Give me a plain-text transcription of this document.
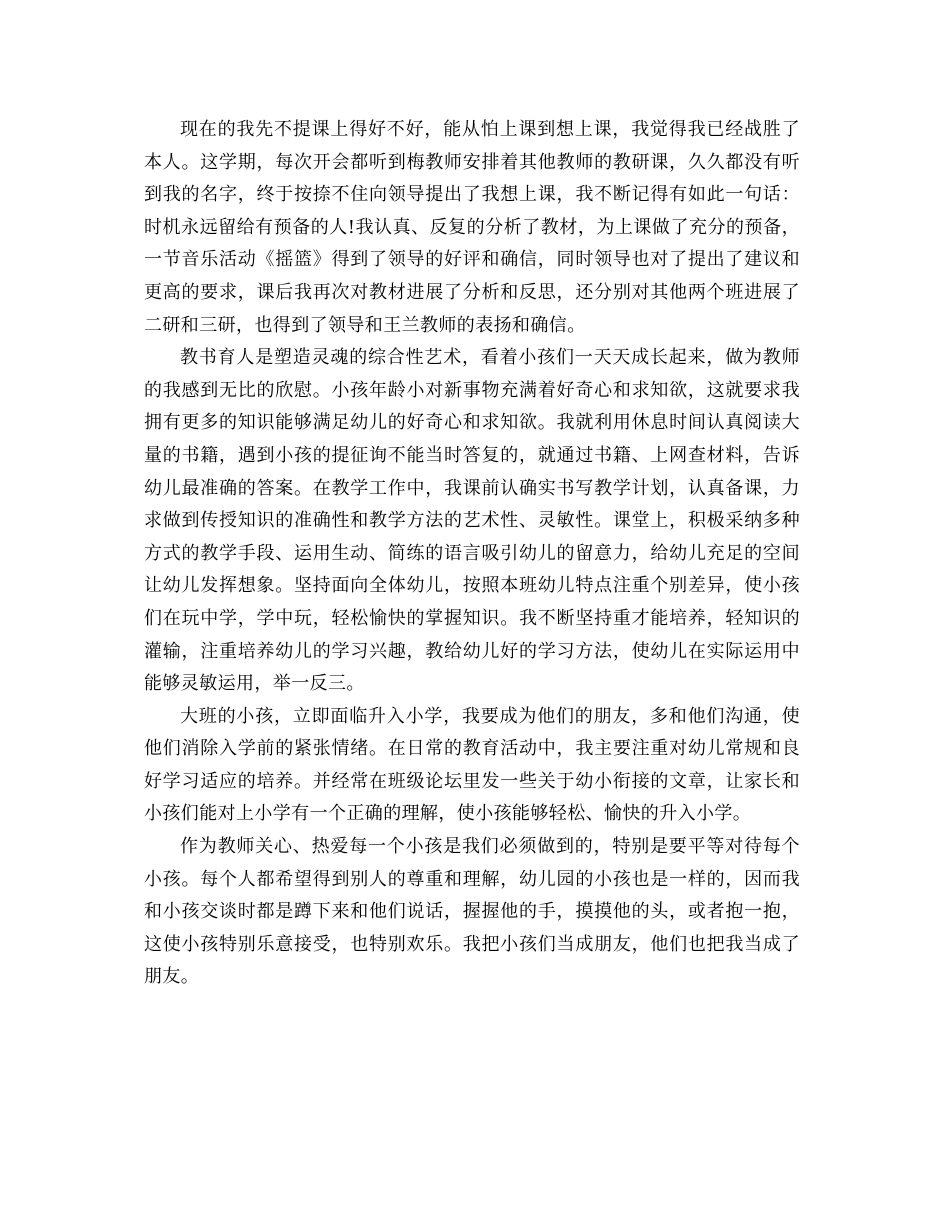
现在的我先不提课上得好不好，能从怕上课到想上课，我觉得我已经战胜了本人。这学期，每次开会都听到梅教师安排着其他教师的教研课，久久都没有听到我的名字，终于按捺不住向领导提出了我想上课，我不断记得有如此一句话：时机永远留给有预备的人!我认真、反复的分析了教材，为上课做了充分的预备，一节音乐活动《摇篮》得到了领导的好评和确信，同时领导也对了提出了建议和更高的要求，课后我再次对教材进展了分析和反思，还分别对其他两个班进展了二研和三研，也得到了领导和王兰教师的表扬和确信。

教书育人是塑造灵魂的综合性艺术，看着小孩们一天天成长起来，做为教师的我感到无比的欣慰。小孩年龄小对新事物充满着好奇心和求知欲，这就要求我拥有更多的知识能够满足幼儿的好奇心和求知欲。我就利用休息时间认真阅读大量的书籍，遇到小孩的提征询不能当时答复的，就通过书籍、上网查材料，告诉幼儿最准确的答案。在教学工作中，我课前认确实书写教学计划，认真备课，力求做到传授知识的准确性和教学方法的艺术性、灵敏性。课堂上，积极采纳多种方式的教学手段、运用生动、简练的语言吸引幼儿的留意力，给幼儿充足的空间让幼儿发挥想象。坚持面向全体幼儿，按照本班幼儿特点注重个别差异，使小孩们在玩中学，学中玩，轻松愉快的掌握知识。我不断坚持重才能培养，轻知识的灌输，注重培养幼儿的学习兴趣，教给幼儿好的学习方法，使幼儿在实际运用中能够灵敏运用，举一反三。

大班的小孩，立即面临升入小学，我要成为他们的朋友，多和他们沟通，使他们消除入学前的紧张情绪。在日常的教育活动中，我主要注重对幼儿常规和良好学习适应的培养。并经常在班级论坛里发一些关于幼小衔接的文章，让家长和小孩们能对上小学有一个正确的理解，使小孩能够轻松、愉快的升入小学。

作为教师关心、热爱每一个小孩是我们必须做到的，特别是要平等对待每个小孩。每个人都希望得到别人的尊重和理解，幼儿园的小孩也是一样的，因而我和小孩交谈时都是蹲下来和他们说话，握握他的手，摸摸他的头，或者抱一抱，这使小孩特别乐意接受，也特别欢乐。我把小孩们当成朋友，他们也把我当成了朋友。
